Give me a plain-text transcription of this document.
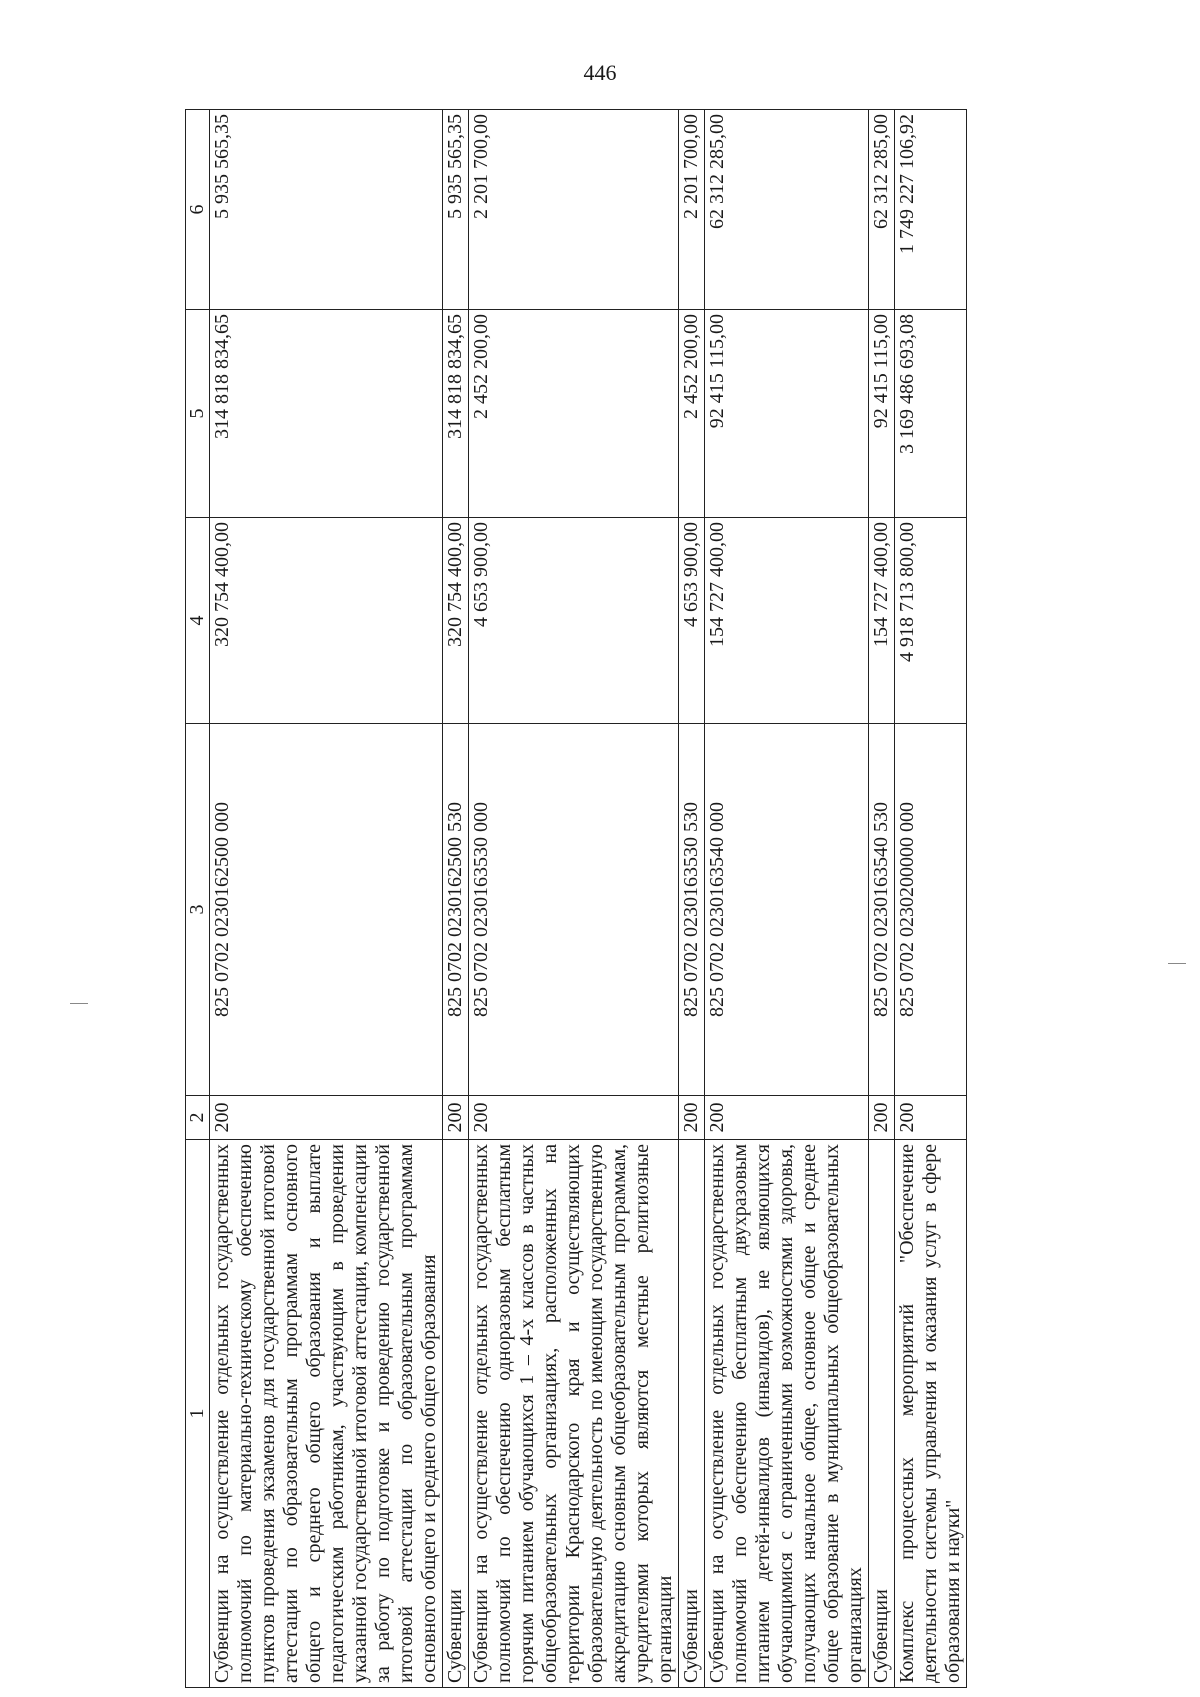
446
1	2	3	4	5	6
Субвенции на осуществление отдельных государственных полномочий по материально-техническому обеспечению пунктов проведения экзаменов для государственной итоговой аттестации по образовательным программам основного общего и среднего общего образования и выплате педагогическим работникам, участвующим в проведении указанной государственной итоговой аттестации, компенсации за работу по подготовке и проведению государственной итоговой аттестации по образовательным программам основного общего и среднего общего образования	200	825 0702 0230162500 000	320 754 400,00	314 818 834,65	5 935 565,35
Субвенции	200	825 0702 0230162500 530	320 754 400,00	314 818 834,65	5 935 565,35
Субвенции на осуществление отдельных государственных полномочий по обеспечению одноразовым бесплатным горячим питанием обучающихся 1 – 4-х классов в частных общеобразовательных организациях, расположенных на территории Краснодарского края и осуществляющих образовательную деятельность по имеющим государственную аккредитацию основным общеобразовательным программам, учредителями которых являются местные религиозные организации	200	825 0702 0230163530 000	4 653 900,00	2 452 200,00	2 201 700,00
Субвенции	200	825 0702 0230163530 530	4 653 900,00	2 452 200,00	2 201 700,00
Субвенции на осуществление отдельных государственных полномочий по обеспечению бесплатным двухразовым питанием детей-инвалидов (инвалидов), не являющихся обучающимися с ограниченными возможностями здоровья, получающих начальное общее, основное общее и среднее общее образование в муниципальных общеобразовательных организациях	200	825 0702 0230163540 000	154 727 400,00	92 415 115,00	62 312 285,00
Субвенции	200	825 0702 0230163540 530	154 727 400,00	92 415 115,00	62 312 285,00
Комплекс процессных мероприятий "Обеспечение деятельности системы управления и оказания услуг в сфере образования и науки"	200	825 0702 0230200000 000	4 918 713 800,00	3 169 486 693,08	1 749 227 106,92
